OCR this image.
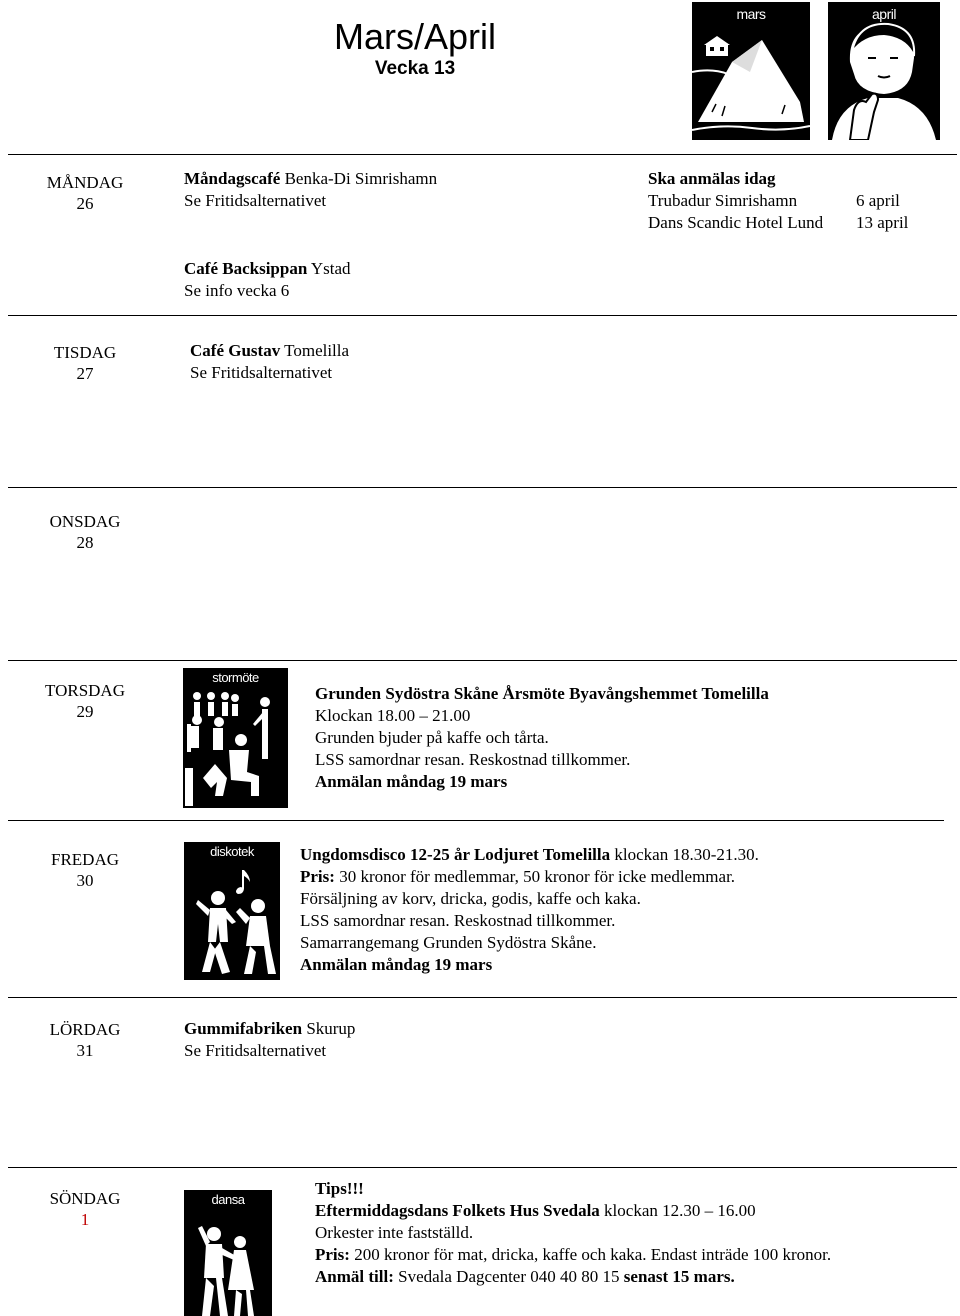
Mars/April
Vecka 13
mars	april
MÅNDAG
26
Måndagscafé Benka-Di Simrishamn
Se Fritidsalternativet
Ska anmälas idag
Trubadur Simrishamn	6 april
Dans Scandic Hotel Lund 13 april
Café Backsippan Ystad
Se info vecka 6
TISDAG
27
Café Gustav Tomelilla
Se Fritidsalternativet
ONSDAG
28
TORSDAG
29
stormöte
Grunden Sydöstra Skåne Årsmöte Byavångshemmet Tomelilla
Klockan 18.00 – 21.00
Grunden bjuder på kaffe och tårta.
LSS samordnar resan. Reskostnad tillkommer.
Anmälan måndag 19 mars
FREDAG
30
diskotek	Ungdomsdisco 12-25 år Lodjuret Tomelilla klockan 18.30-21.30.
Pris: 30 kronor för medlemmar, 50 kronor för icke medlemmar.
Försäljning av korv, dricka, godis, kaffe och kaka.
LSS samordnar resan. Reskostnad tillkommer.
Samarrangemang Grunden Sydöstra Skåne.
Anmälan måndag 19 mars
LÖRDAG
31
Gummifabriken Skurup
Se Fritidsalternativet
SÖNDAG
1
dansa
Tips!!!
Eftermiddagsdans Folkets Hus Svedala klockan 12.30 – 16.00
Orkester inte fastställd.
Pris: 200 kronor för mat, dricka, kaffe och kaka. Endast inträde 100 kronor.
Anmäl till: Svedala Dagcenter 040 40 80 15 senast 15 mars.
